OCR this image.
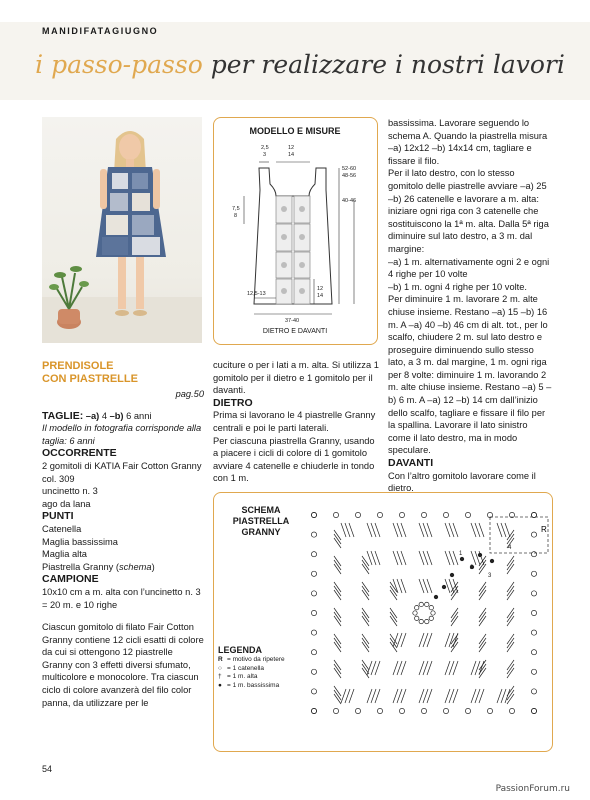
MANIDIFATAGIUGNO
i passo-passo per realizzare i nostri lavori

PRENDISOLE

CON PIASTRELLE

pag.50

TAGLIE: –a) 4 –b) 6 anni

Il modello in fotografia corrisponde alla taglia: 6 anni

OCCORRENTE

2 gomitoli di KATIA Fair Cotton Granny

col. 309

uncinetto n. 3

ago da lana

PUNTI

Catenella

Maglia bassissima

Maglia alta

Piastrella Granny (schema)

CAMPIONE

10x10 cm a m. alta con l’uncinetto n. 3 = 20 m. e 10 righe

Ciascun gomitolo di filato Fair Cotton Granny contiene 12 cicli esatti di colore da cui si ottengono 12 piastrelle Granny con 3 effetti diversi sfumato, multicolore e monocolore. Tra ciascun ciclo di colore avanzerà del filo color panna, da utilizzare per le

MODELLO E MISURE
2,5
3
12
14
52-60
48-56
40-46
7,5
8
12,5-13
12
14
37-40
DIETRO E DAVANTI

cuciture o per i lati a m. alta. Si utilizza 1 gomitolo per il dietro e 1 gomitolo per il davanti.

DIETRO

Prima si lavorano le 4 piastrelle Granny centrali e poi le parti laterali.

Per ciascuna piastrella Granny, usando a piacere i cicli di colore di 1 gomitolo avviare 4 catenelle e chiuderle in tondo con 1 m.

bassissima. Lavorare seguendo lo schema A. Quando la piastrella misura –a) 12x12 –b) 14x14 cm, tagliare e fissare il filo.

Per il lato destro, con lo stesso gomitolo delle piastrelle avviare –a) 25 –b) 26 catenelle e lavorare a m. alta: iniziare ogni riga con 3 catenelle che sostituiscono la 1ª m. alta. Dalla 5ª riga diminuire sul lato destro, a 3 m. dal margine:

–a) 1 m. alternativamente ogni 2 e ogni 4 righe per 10 volte

–b) 1 m. ogni 4 righe per 10 volte.

Per diminuire 1 m. lavorare 2 m. alte chiuse insieme. Restano –a) 15 –b) 16 m. A –a) 40 –b) 46 cm di alt. tot., per lo scalfo, chiudere 2 m. sul lato destro e proseguire diminuendo sullo stesso lato, a 3 m. dal margine, 1 m. ogni riga per 8 volte: diminuire 1 m. lavorando 2 m. alte chiuse insieme. Restano –a) 5 –b) 6 m. A –a) 12 –b) 14 cm dall’inizio dello scalfo, tagliare e fissare il filo per la spallina. Lavorare il lato sinistro come il lato destro, ma in modo speculare.

DAVANTI

Con l’altro gomitolo lavorare come il dietro.

SCHEMA
PIASTRELLA
GRANNY	R
1
2
3
4
LEGENDA
R = motivo da ripetere
○ = 1 catenella
† = 1 m. alta
● = 1 m. bassissima
54
PassionForum.ru
